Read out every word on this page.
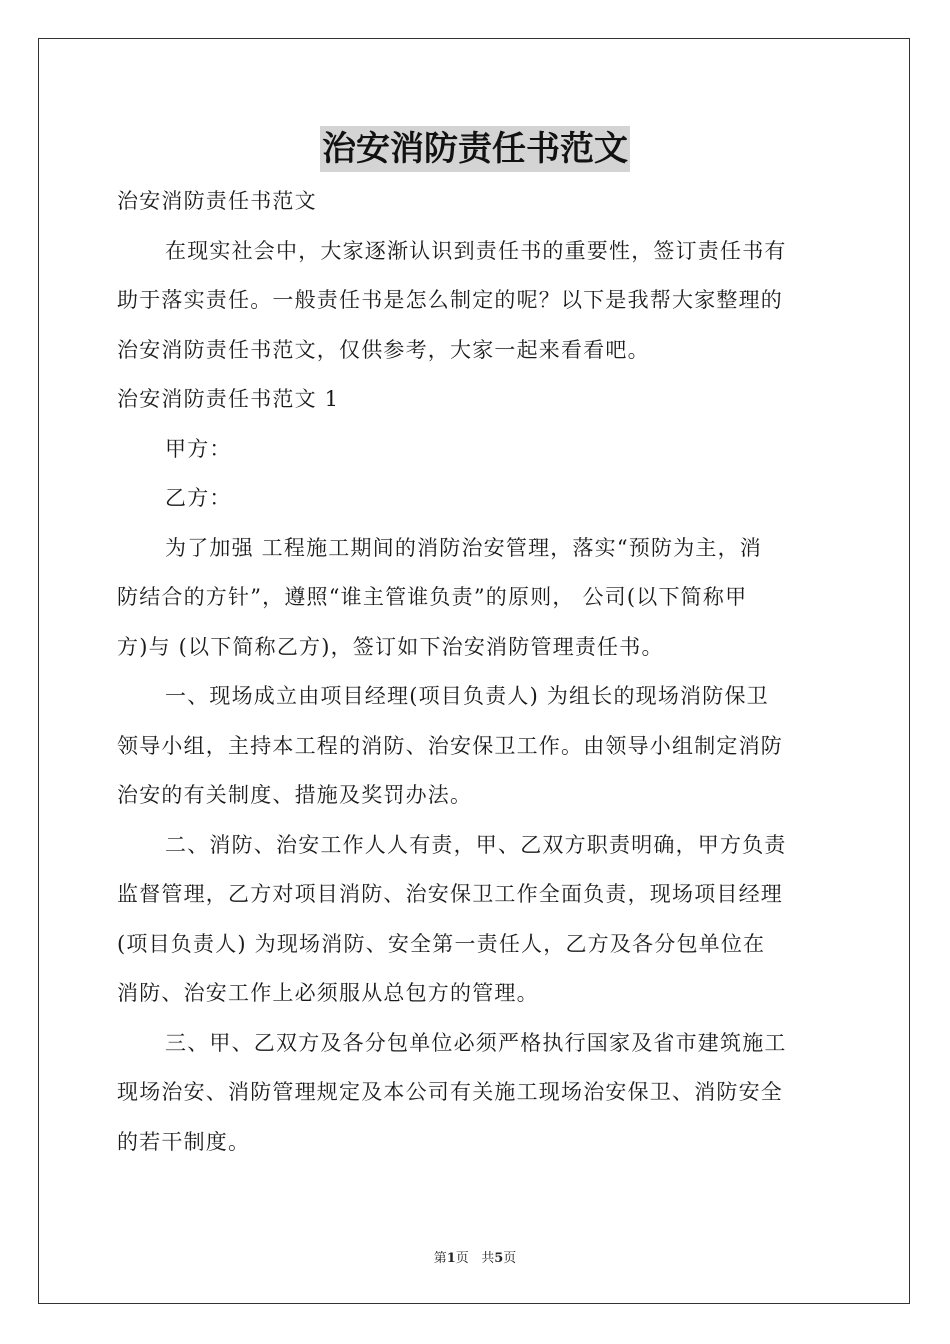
治安消防责任书范文
治安消防责任书范文
在现实社会中，大家逐渐认识到责任书的重要性，签订责任书有
助于落实责任。一般责任书是怎么制定的呢？以下是我帮大家整理的
治安消防责任书范文，仅供参考，大家一起来看看吧。
治安消防责任书范文 1
甲方：
乙方：
为了加强 工程施工期间的消防治安管理，落实“预防为主，消
防结合的方针”，遵照“谁主管谁负责”的原则， 公司(以下简称甲
方)与 (以下简称乙方)，签订如下治安消防管理责任书。
一、现场成立由项目经理(项目负责人) 为组长的现场消防保卫
领导小组，主持本工程的消防、治安保卫工作。由领导小组制定消防
治安的有关制度、措施及奖罚办法。
二、消防、治安工作人人有责，甲、乙双方职责明确，甲方负责
监督管理，乙方对项目消防、治安保卫工作全面负责，现场项目经理
(项目负责人) 为现场消防、安全第一责任人，乙方及各分包单位在
消防、治安工作上必须服从总包方的管理。
三、甲、乙双方及各分包单位必须严格执行国家及省市建筑施工
现场治安、消防管理规定及本公司有关施工现场治安保卫、消防安全
的若干制度。
第1页 共5页
